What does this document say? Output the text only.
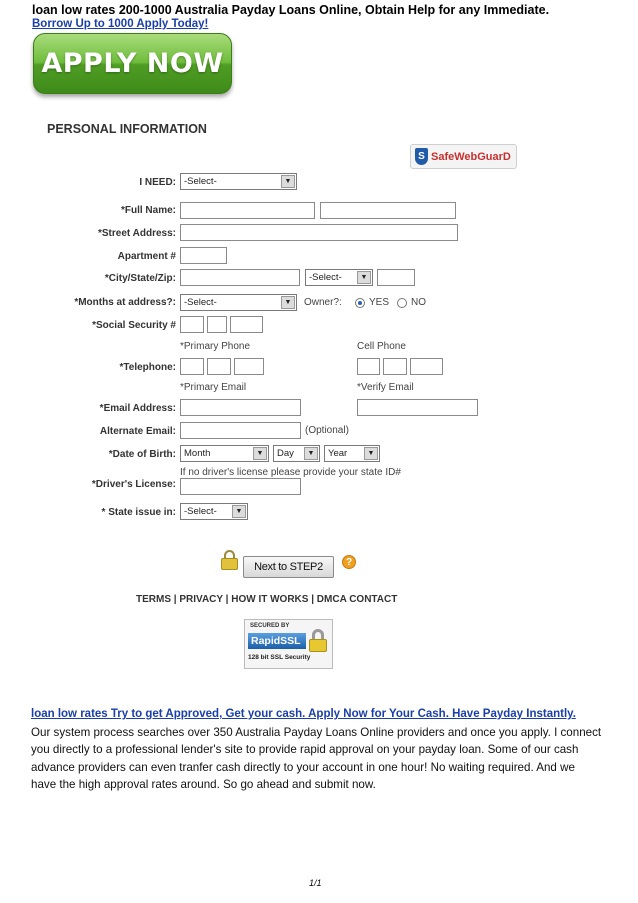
loan low rates 200-1000 Australia Payday Loans Online, Obtain Help for any Immediate.
Borrow Up to 1000 Apply Today!
APPLY NOW
PERSONAL INFORMATION
S SafeWebGuarD
I NEED: -Select-	▼
*Full Name:
*Street Address:
Apartment #
*City/State/Zip:	-Select-	▼
*Months at address?: -Select-	▼	Owner?:	YES NO
*Social Security #
*Primary Phone	Cell Phone
*Telephone:
*Primary Email	*Verify Email
*Email Address:
Alternate Email:	(Optional)
*Date of Birth: Month	▼	Day	▼	Year	▼
If no driver's license please provide your state ID#
*Driver's License:
* State issue in: -Select-	▼
Next to STEP2	?
TERMS | PRIVACY | HOW IT WORKS | DMCA CONTACT
SECURED BY
RapidSSL
128 bit SSL Security
loan low rates Try to get Approved, Get your cash. Apply Now for Your Cash. Have Payday Instantly.
Our system process searches over 350 Australia Payday Loans Online providers and once you apply. I connect you directly to a professional lender's site to provide rapid approval on your payday loan. Some of our cash advance providers can even tranfer cash directly to your account in one hour! No waiting required. And we have the high approval rates around. So go ahead and submit now.
1/1
